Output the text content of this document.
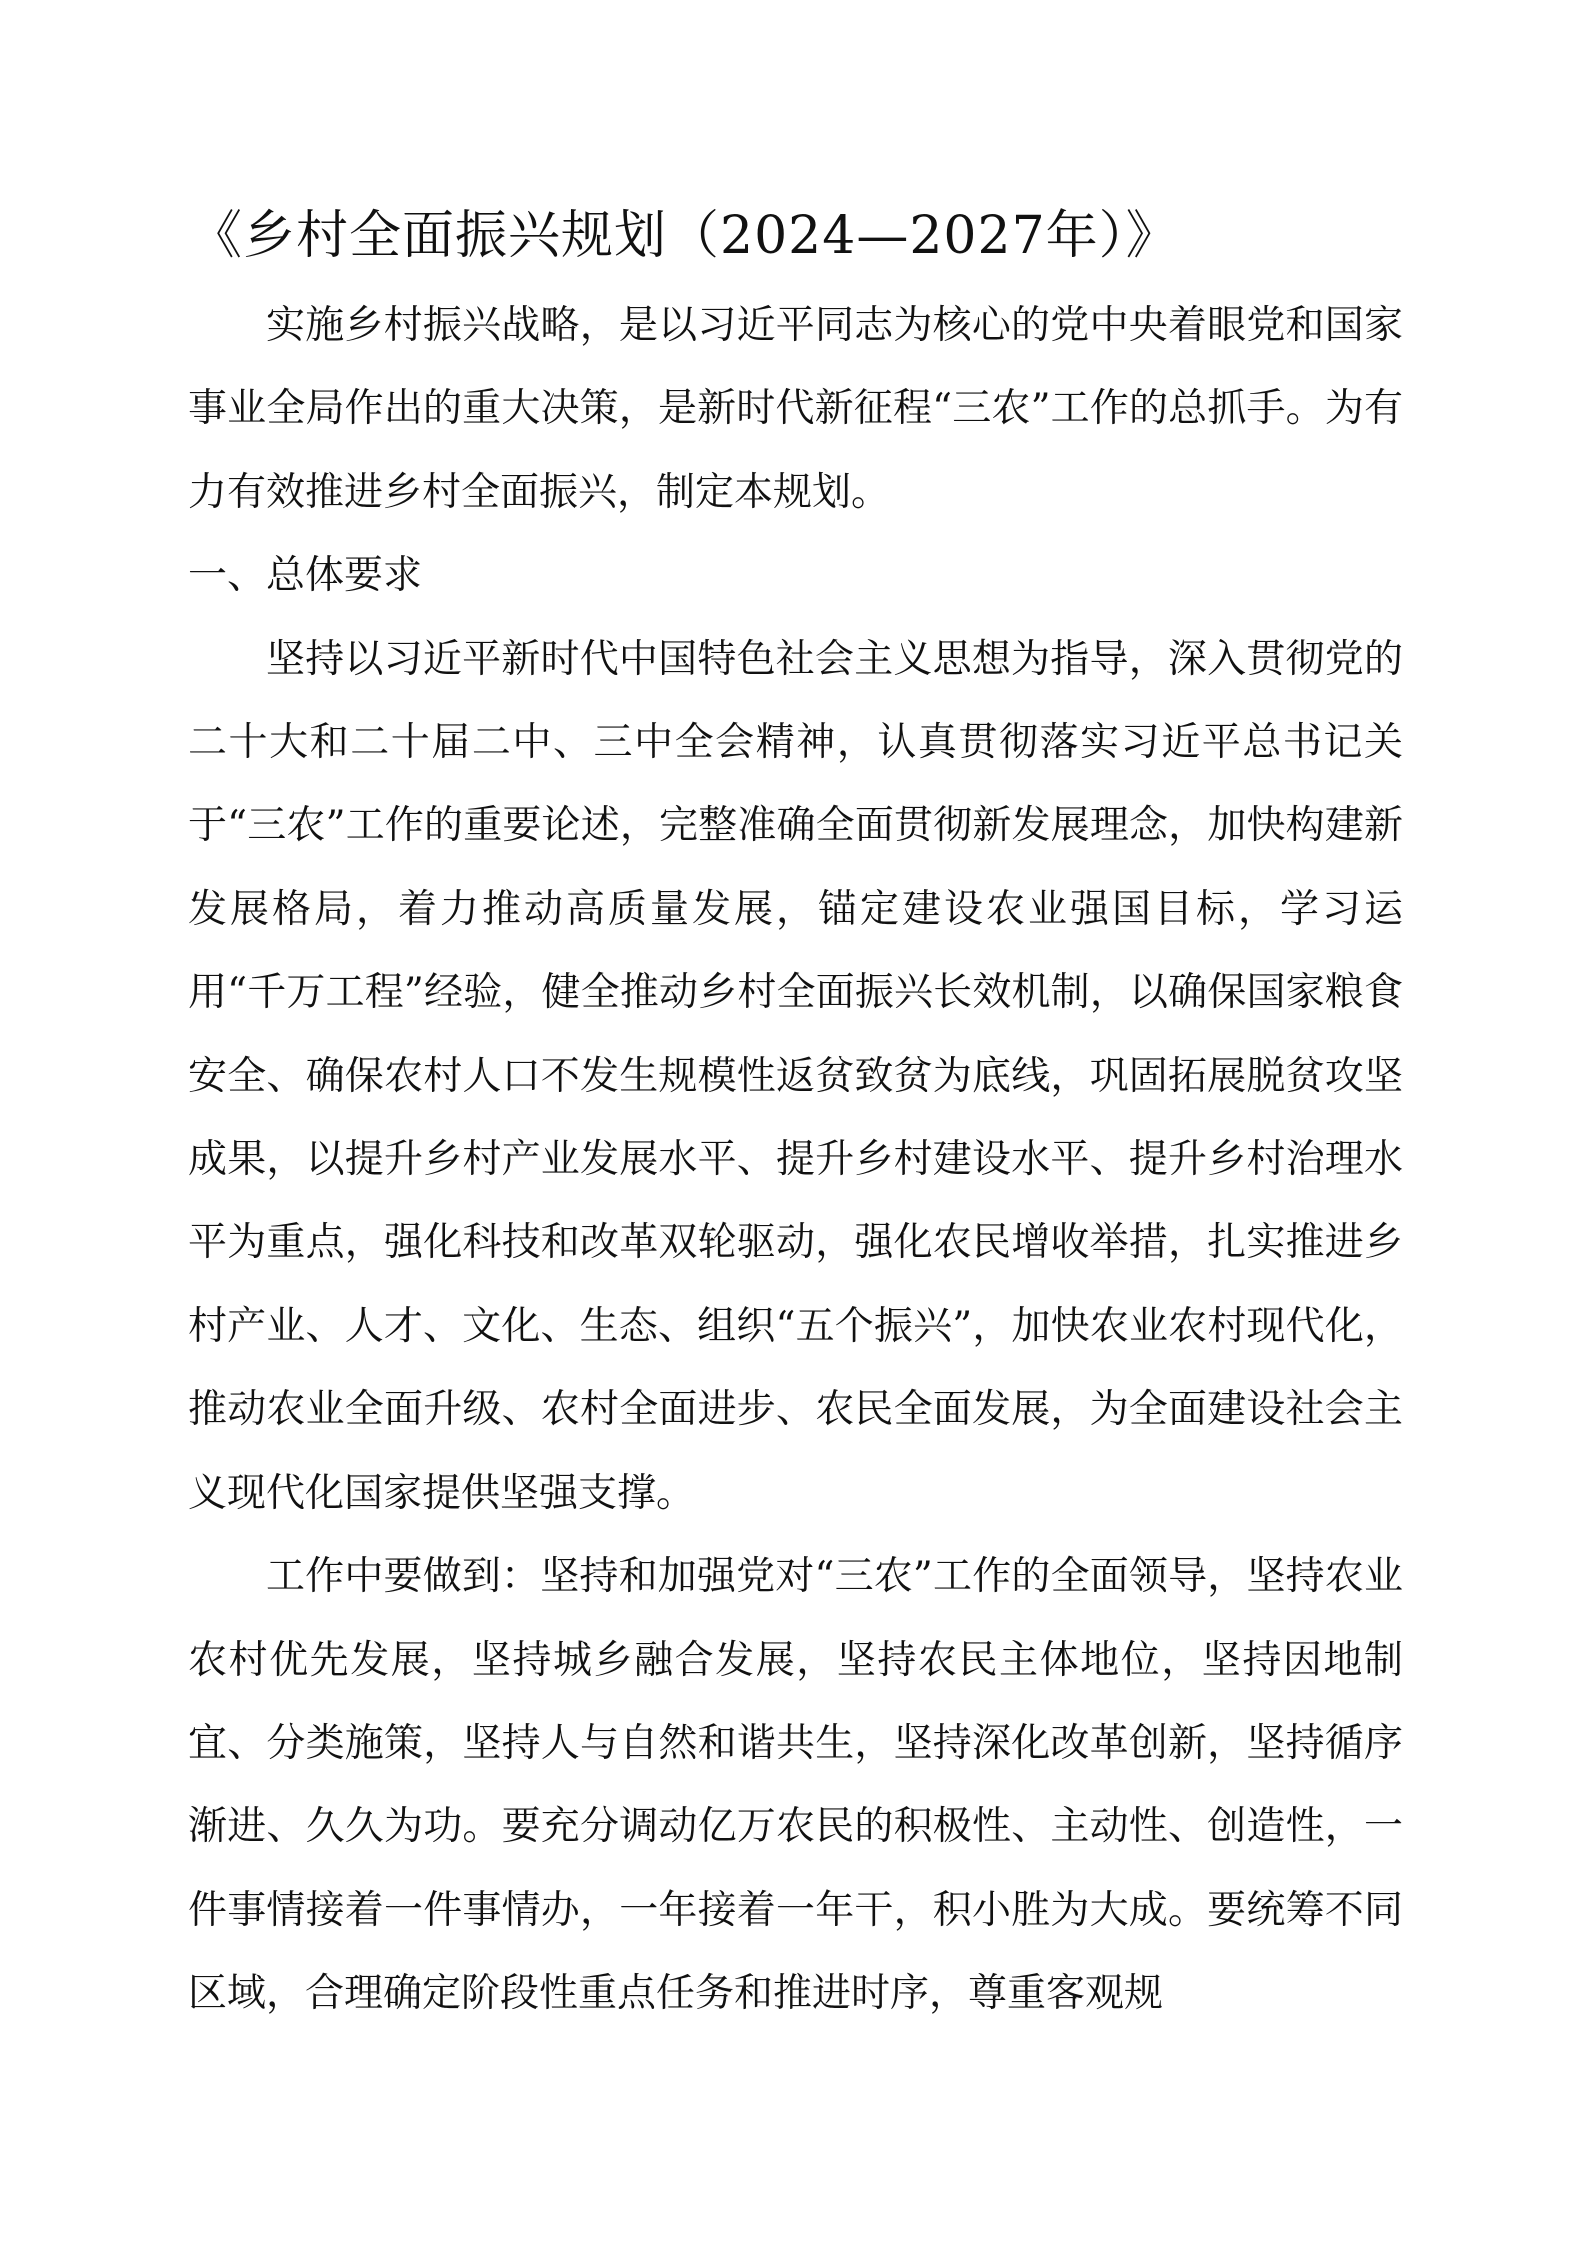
《乡村全面振兴规划（2024—2027年）》

实施乡村振兴战略，是以习近平同志为核心的党中央着眼党和国家事业全局作出的重大决策，是新时代新征程“三农”工作的总抓手。为有力有效推进乡村全面振兴，制定本规划。

一、总体要求

坚持以习近平新时代中国特色社会主义思想为指导，深入贯彻党的二十大和二十届二中、三中全会精神，认真贯彻落实习近平总书记关于“三农”工作的重要论述，完整准确全面贯彻新发展理念，加快构建新发展格局，着力推动高质量发展，锚定建设农业强国目标，学习运用“千万工程”经验，健全推动乡村全面振兴长效机制，以确保国家粮食安全、确保农村人口不发生规模性返贫致贫为底线，巩固拓展脱贫攻坚成果，以提升乡村产业发展水平、提升乡村建设水平、提升乡村治理水平为重点，强化科技和改革双轮驱动，强化农民增收举措，扎实推进乡村产业、人才、文化、生态、组织“五个振兴”，加快农业农村现代化，推动农业全面升级、农村全面进步、农民全面发展，为全面建设社会主义现代化国家提供坚强支撑。

工作中要做到：坚持和加强党对“三农”工作的全面领导，坚持农业农村优先发展，坚持城乡融合发展，坚持农民主体地位，坚持因地制宜、分类施策，坚持人与自然和谐共生，坚持深化改革创新，坚持循序渐进、久久为功。要充分调动亿万农民的积极性、主动性、创造性，一件事情接着一件事情办，一年接着一年干，积小胜为大成。要统筹不同区域，合理确定阶段性重点任务和推进时序，尊重客观规
